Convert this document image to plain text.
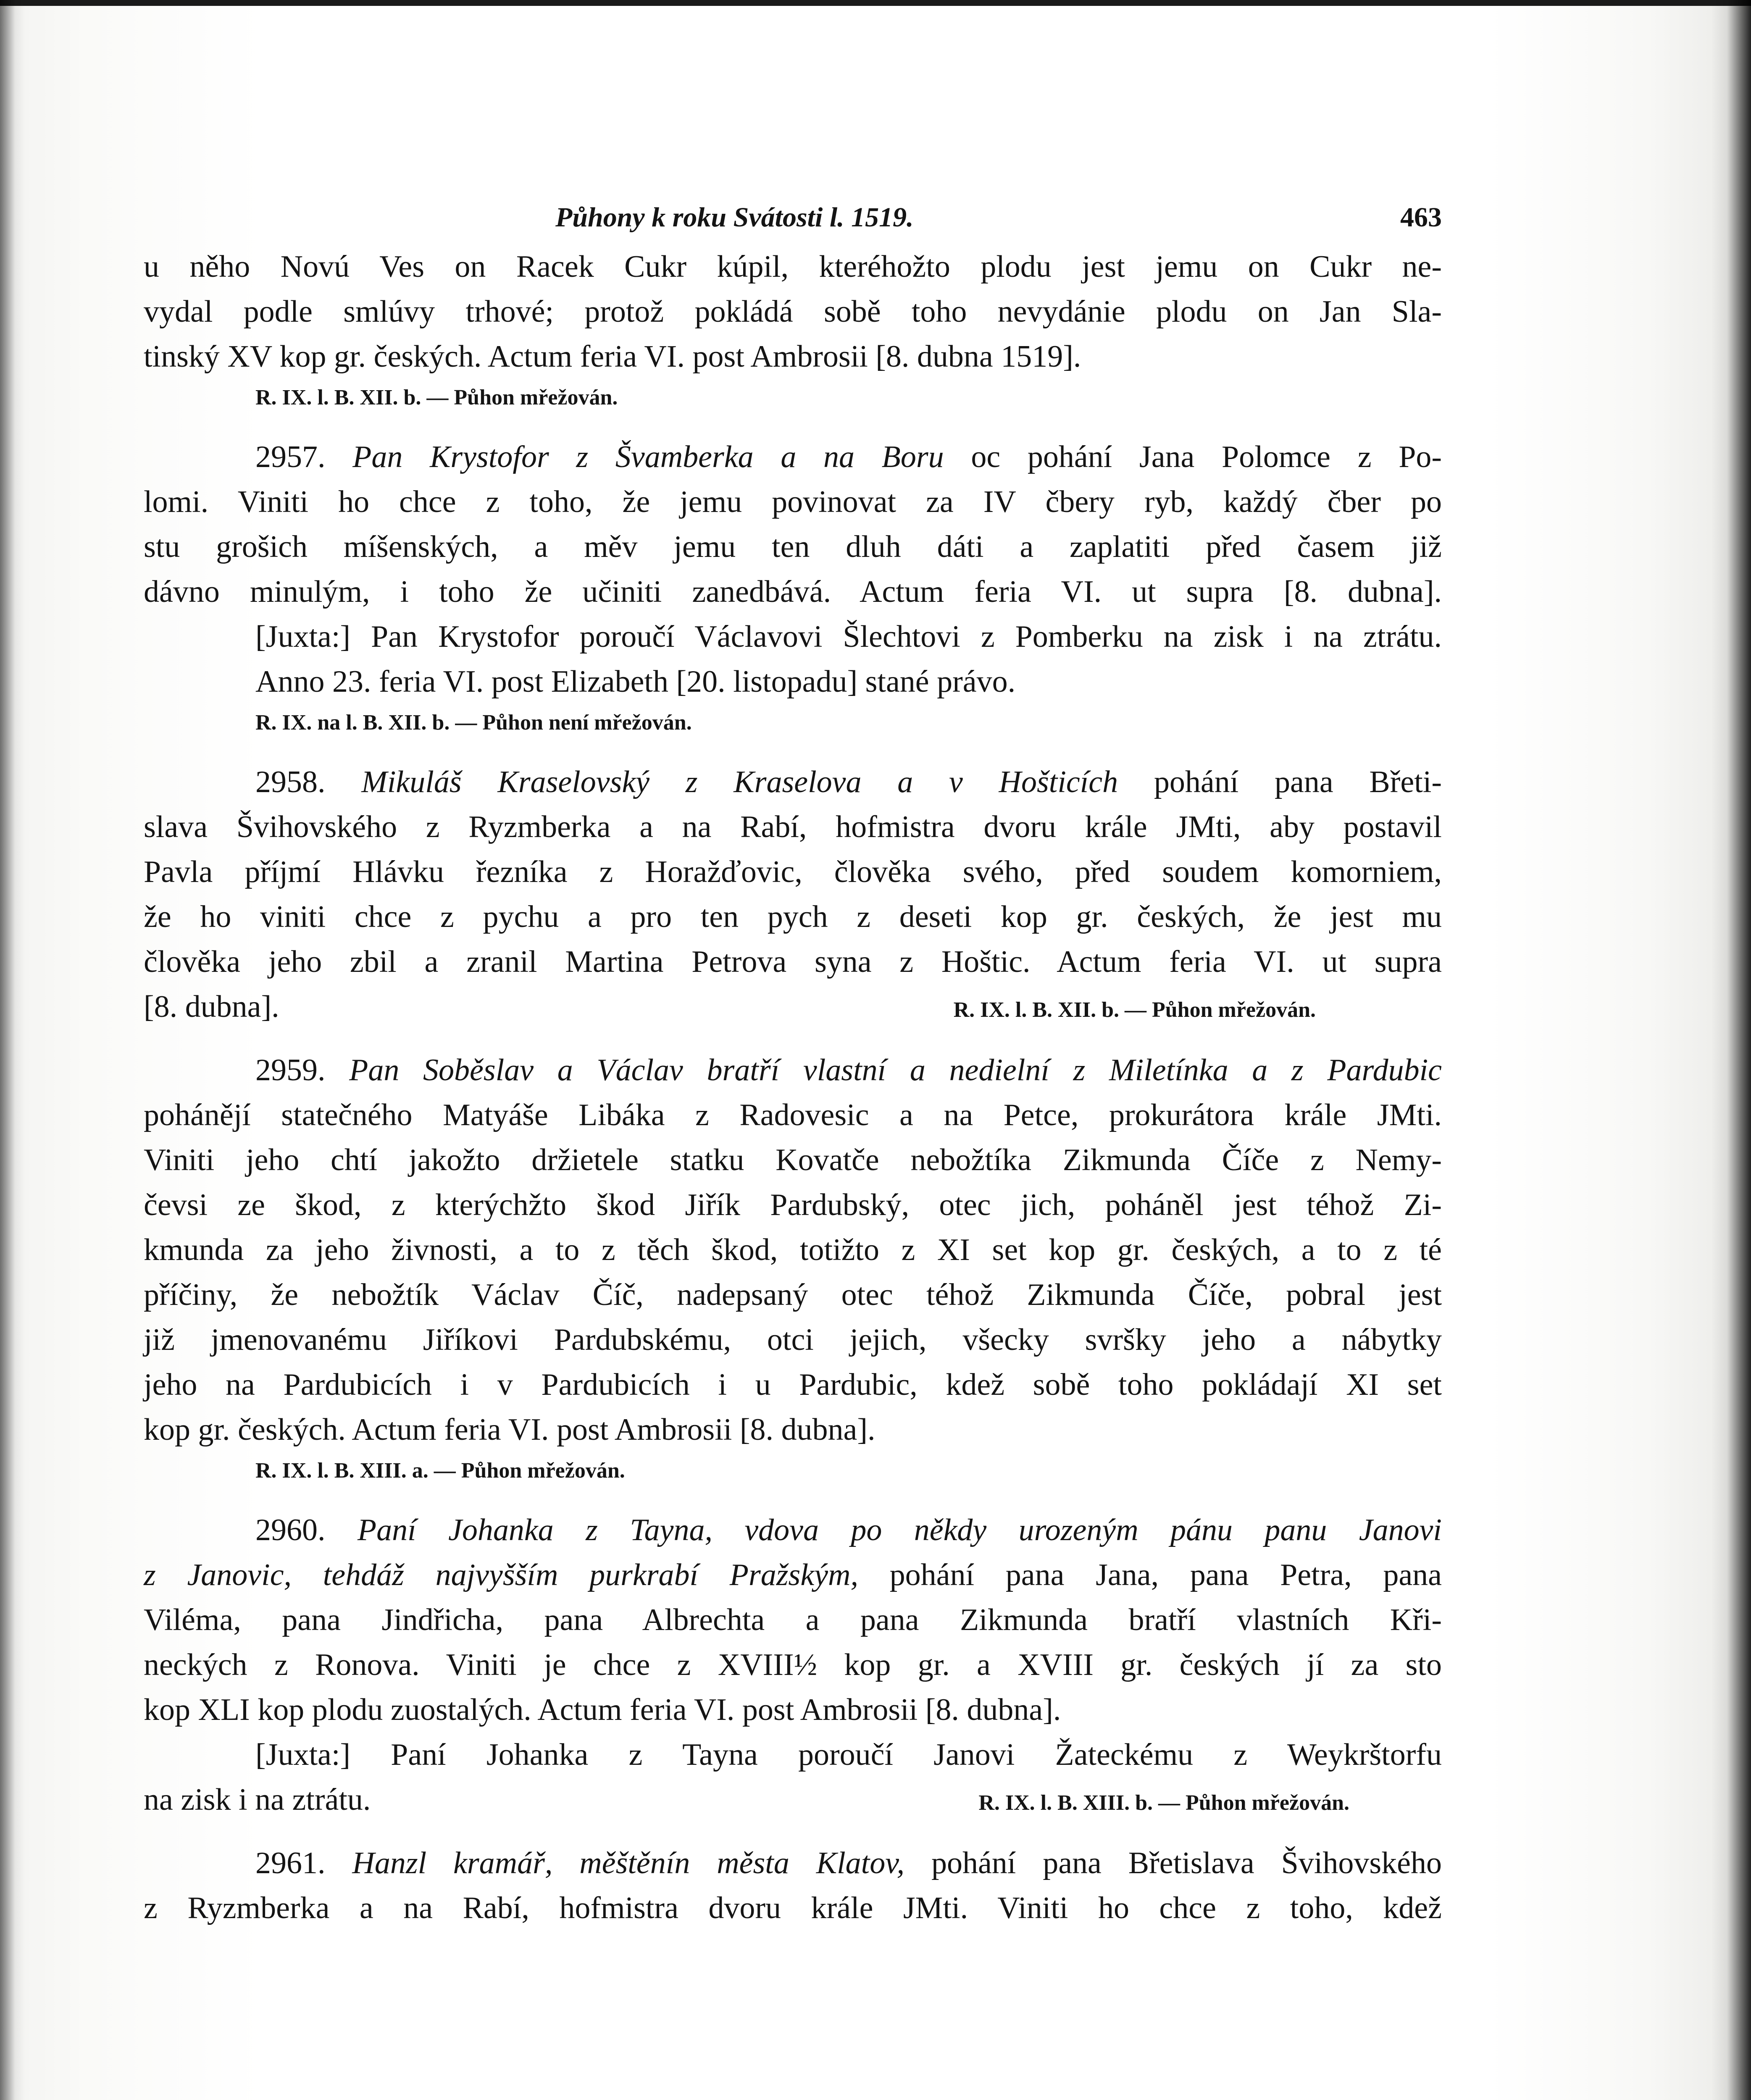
Půhony k roku Svátosti l. 1519.	463
u něho Novú Ves on Racek Cukr kúpil, kteréhožto plodu jest jemu on Cukr ne-
vydal podle smlúvy trhové; protož pokládá sobě toho nevydánie plodu on Jan Sla-
tinský XV kop gr. českých. Actum feria VI. post Ambrosii [8. dubna 1519].
R. IX. l. B. XII. b. — Půhon mřežován.
2957. Pan Krystofor z Švamberka a na Boru oc pohání Jana Polomce z Po-
lomi. Viniti ho chce z toho, že jemu povinovat za IV čbery ryb, každý čber po
stu grošich míšenských, a měv jemu ten dluh dáti a zaplatiti před časem již
dávno minulým, i toho že učiniti zanedbává. Actum feria VI. ut supra [8. dubna].
[Juxta:] Pan Krystofor poroučí Václavovi Šlechtovi z Pomberku na zisk i na ztrátu.
Anno 23. feria VI. post Elizabeth [20. listopadu] stané právo.
R. IX. na l. B. XII. b. — Půhon není mřežován.
2958. Mikuláš Kraselovský z Kraselova a v Hošticích pohání pana Břeti-
slava Švihovského z Ryzmberka a na Rabí, hofmistra dvoru krále JMti, aby postavil
Pavla příjmí Hlávku řezníka z Horažďovic, člověka svého, před soudem komorniem,
že ho viniti chce z pychu a pro ten pych z deseti kop gr. českých, že jest mu
člověka jeho zbil a zranil Martina Petrova syna z Hoštic. Actum feria VI. ut supra
[8. dubna].	R. IX. l. B. XII. b. — Půhon mřežován.
2959. Pan Soběslav a Václav bratří vlastní a nedielní z Miletínka a z Pardubic
pohánějí statečného Matyáše Libáka z Radovesic a na Petce, prokurátora krále JMti.
Viniti jeho chtí jakožto držietele statku Kovatče nebožtíka Zikmunda Číče z Nemy-
čevsi ze škod, z kterýchžto škod Jiřík Pardubský, otec jich, poháněl jest téhož Zi-
kmunda za jeho živnosti, a to z těch škod, totižto z XI set kop gr. českých, a to z té
příčiny, že nebožtík Václav Číč, nadepsaný otec téhož Zikmunda Číče, pobral jest
již jmenovanému Jiříkovi Pardubskému, otci jejich, všecky svršky jeho a nábytky
jeho na Pardubicích i v Pardubicích i u Pardubic, kdež sobě toho pokládají XI set
kop gr. českých. Actum feria VI. post Ambrosii [8. dubna].
R. IX. l. B. XIII. a. — Půhon mřežován.
2960. Paní Johanka z Tayna, vdova po někdy urozeným pánu panu Janovi
z Janovic, tehdáž najvyšším purkrabí Pražským, pohání pana Jana, pana Petra, pana
Viléma, pana Jindřicha, pana Albrechta a pana Zikmunda bratří vlastních Kři-
neckých z Ronova. Viniti je chce z XVIII½ kop gr. a XVIII gr. českých jí za sto
kop XLI kop plodu zuostalých. Actum feria VI. post Ambrosii [8. dubna].
[Juxta:] Paní Johanka z Tayna poroučí Janovi Žateckému z Weykrštorfu
na zisk i na ztrátu.	R. IX. l. B. XIII. b. — Půhon mřežován.
2961. Hanzl kramář, měštěnín města Klatov, pohání pana Břetislava Švihovského
z Ryzmberka a na Rabí, hofmistra dvoru krále JMti. Viniti ho chce z toho, kdež
